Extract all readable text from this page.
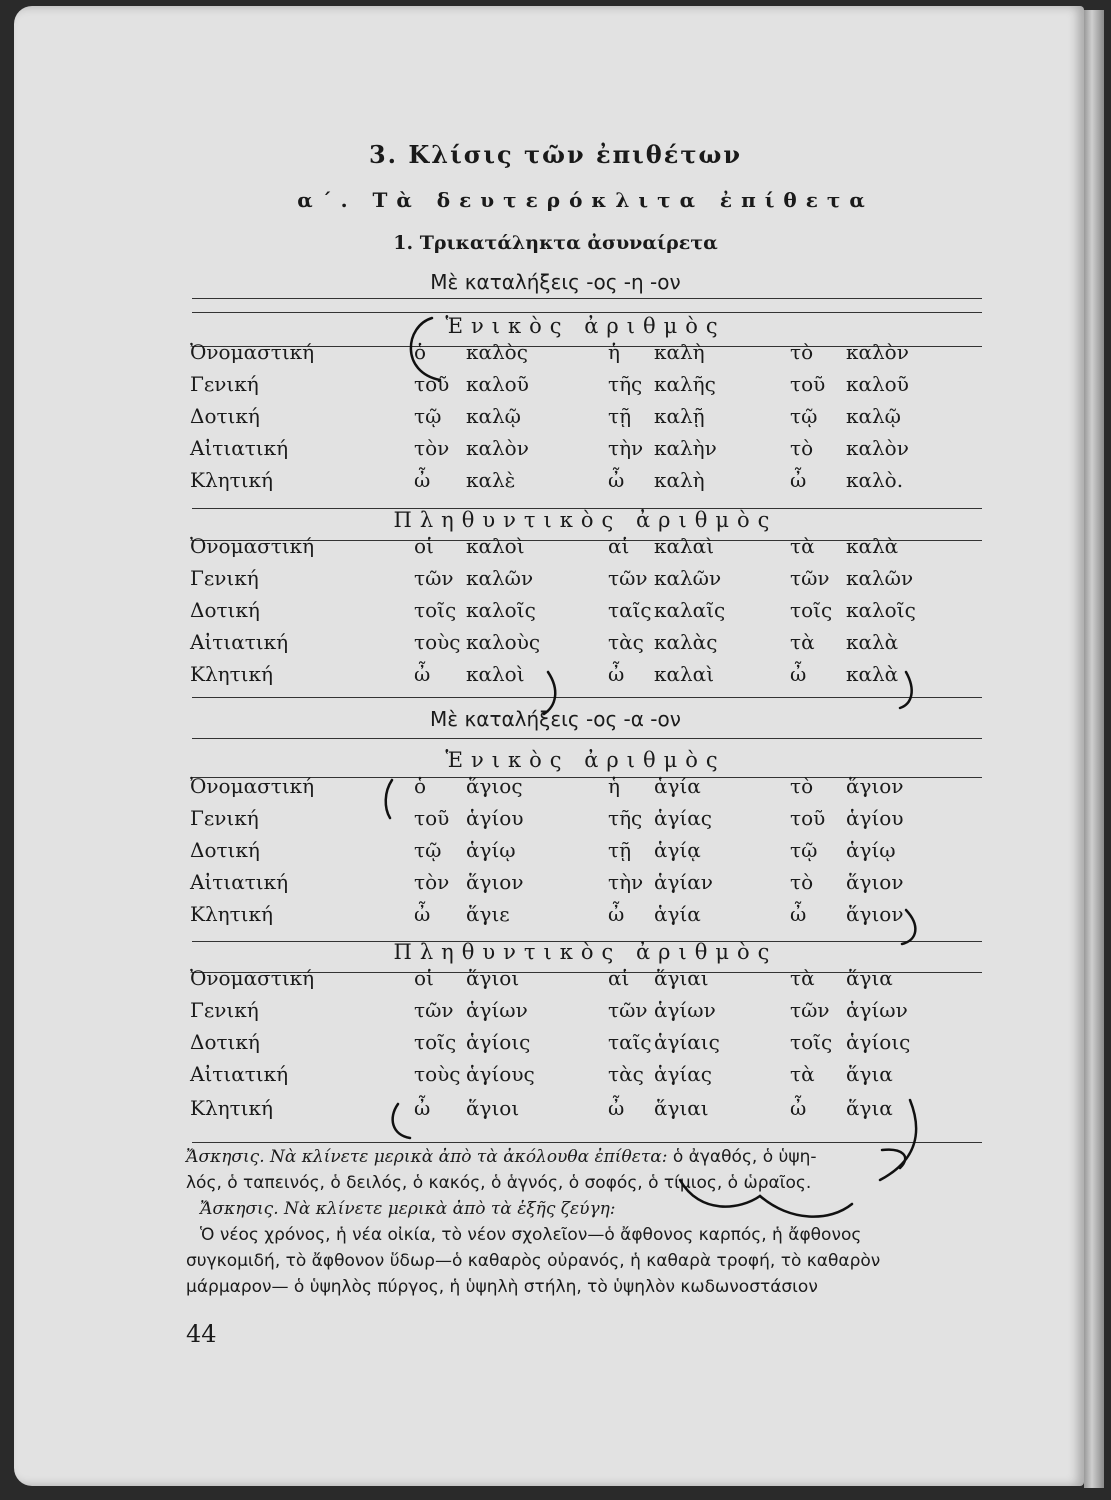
3. Κλίσις τῶν ἐπιθέτων
α΄. Τὰ δευτερόκλιτα ἐπίθετα
1. Τρικατάληκτα ἀσυναίρετα
Μὲ καταλήξεις -ος -η -ον
Ἑνικὸς ἀριθμὸς
Ὀνομαστική	ὁ καλὸς	ἡ καλὴ	τὸ καλὸν
Γενική	τοῦ καλοῦ	τῆς καλῆς	τοῦ καλοῦ
Δοτική	τῷ καλῷ	τῇ καλῇ	τῷ καλῷ
Αἰτιατική	τὸν καλὸν	τὴν καλὴν	τὸ καλὸν
Κλητική	ὦ καλὲ	ὦ καλὴ	ὦ καλὸ.
Πληθυντικὸς ἀριθμὸς
Ὀνομαστική	οἱ καλοὶ	αἱ καλαὶ	τὰ καλὰ
Γενική	τῶν καλῶν	τῶν καλῶν	τῶν καλῶν
Δοτική	τοῖς καλοῖς	ταῖς καλαῖς	τοῖς καλοῖς
Αἰτιατική	τοὺς καλοὺς	τὰς καλὰς	τὰ καλὰ
Κλητική	ὦ καλοὶ	ὦ καλαὶ	ὦ καλὰ
Μὲ καταλήξεις -ος -α -ον
Ἑνικὸς ἀριθμὸς
Ὀνομαστική	ὁ ἅγιος	ἡ ἁγία	τὸ ἅγιον
Γενική	τοῦ ἁγίου	τῆς ἁγίας	τοῦ ἁγίου
Δοτική	τῷ ἁγίῳ	τῇ ἁγίᾳ	τῷ ἁγίῳ
Αἰτιατική	τὸν ἅγιον	τὴν ἁγίαν	τὸ ἅγιον
Κλητική	ὦ ἅγιε	ὦ ἁγία	ὦ ἅγιον
Πληθυντικὸς ἀριθμὸς
Ὀνομαστική	οἱ ἅγιοι	αἱ ἅγιαι	τὰ ἅγια
Γενική	τῶν ἁγίων	τῶν ἁγίων	τῶν ἁγίων
Δοτική	τοῖς ἁγίοις	ταῖς ἁγίαις	τοῖς ἁγίοις
Αἰτιατική	τοὺς ἁγίους	τὰς ἁγίας	τὰ ἅγια
Κλητική	ὦ ἅγιοι	ὦ ἅγιαι	ὦ ἅγια
Ἄσκησις. Νὰ κλίνετε μερικὰ ἀπὸ τὰ ἀκόλουθα ἐπίθετα: ὁ ἀγαθός, ὁ ὑψη-
λός, ὁ ταπεινός, ὁ δειλός, ὁ κακός, ὁ ἁγνός, ὁ σοφός, ὁ τίμιος, ὁ ὡραῖος.
Ἄσκησις. Νὰ κλίνετε μερικὰ ἀπὸ τὰ ἑξῆς ζεύγη:
Ὁ νέος χρόνος, ἡ νέα οἰκία, τὸ νέον σχολεῖον—ὁ ἄφθονος καρπός, ἡ ἄφθονος
συγκομιδή, τὸ ἄφθονον ὕδωρ—ὁ καθαρὸς οὐρανός, ἡ καθαρὰ τροφή, τὸ καθαρὸν
μάρμαρον— ὁ ὑψηλὸς πύργος, ἡ ὑψηλὴ στήλη, τὸ ὑψηλὸν κωδωνοστάσιον
44
